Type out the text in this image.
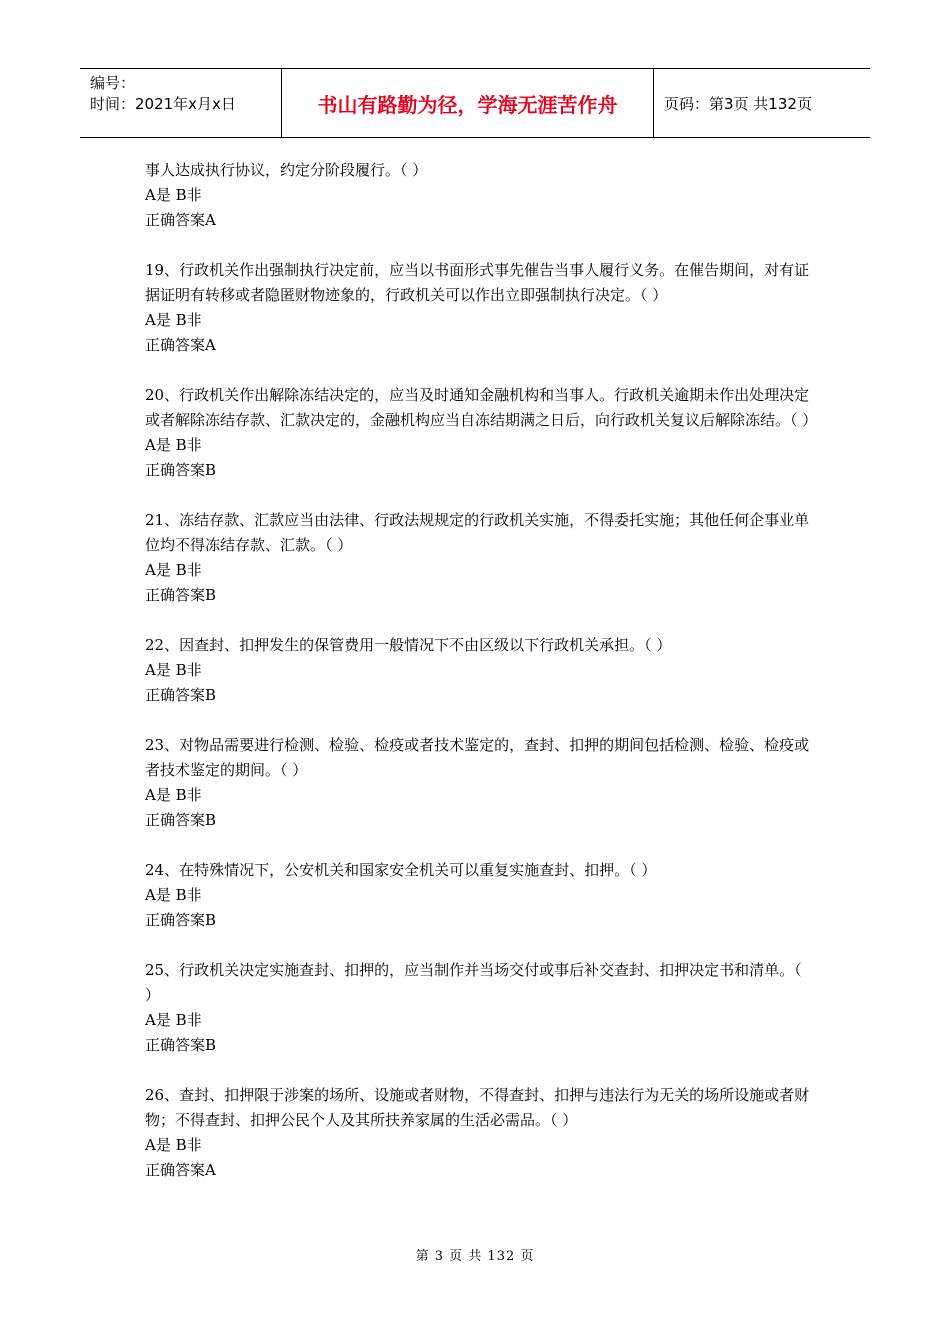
编号：
时间：2021年x月x日	书山有路勤为径，学海无涯苦作舟	页码：第3页 共132页

事人达成执行协议，约定分阶段履行。（ ）

A是 B非

正确答案A

19、行政机关作出强制执行决定前，应当以书面形式事先催告当事人履行义务。在催告期间，对有证据证明有转移或者隐匿财物迹象的，行政机关可以作出立即强制执行决定。（ ）

A是 B非

正确答案A

20、行政机关作出解除冻结决定的，应当及时通知金融机构和当事人。行政机关逾期未作出处理决定或者解除冻结存款、汇款决定的，金融机构应当自冻结期满之日后，向行政机关复议后解除冻结。（ ）

A是 B非

正确答案B

21、冻结存款、汇款应当由法律、行政法规规定的行政机关实施，不得委托实施；其他任何企事业单位均不得冻结存款、汇款。（ ）

A是 B非

正确答案B

22、因查封、扣押发生的保管费用一般情况下不由区级以下行政机关承担。（ ）

A是 B非

正确答案B

23、对物品需要进行检测、检验、检疫或者技术鉴定的，查封、扣押的期间包括检测、检验、检疫或者技术鉴定的期间。（ ）

A是 B非

正确答案B

24、在特殊情况下，公安机关和国家安全机关可以重复实施查封、扣押。（ ）

A是 B非

正确答案B

25、行政机关决定实施查封、扣押的，应当制作并当场交付或事后补交查封、扣押决定书和清单。（ ）

A是 B非

正确答案B

26、查封、扣押限于涉案的场所、设施或者财物，不得查封、扣押与违法行为无关的场所设施或者财物；不得查封、扣押公民个人及其所扶养家属的生活必需品。（ ）

A是 B非

正确答案A

第 3 页 共 132 页
